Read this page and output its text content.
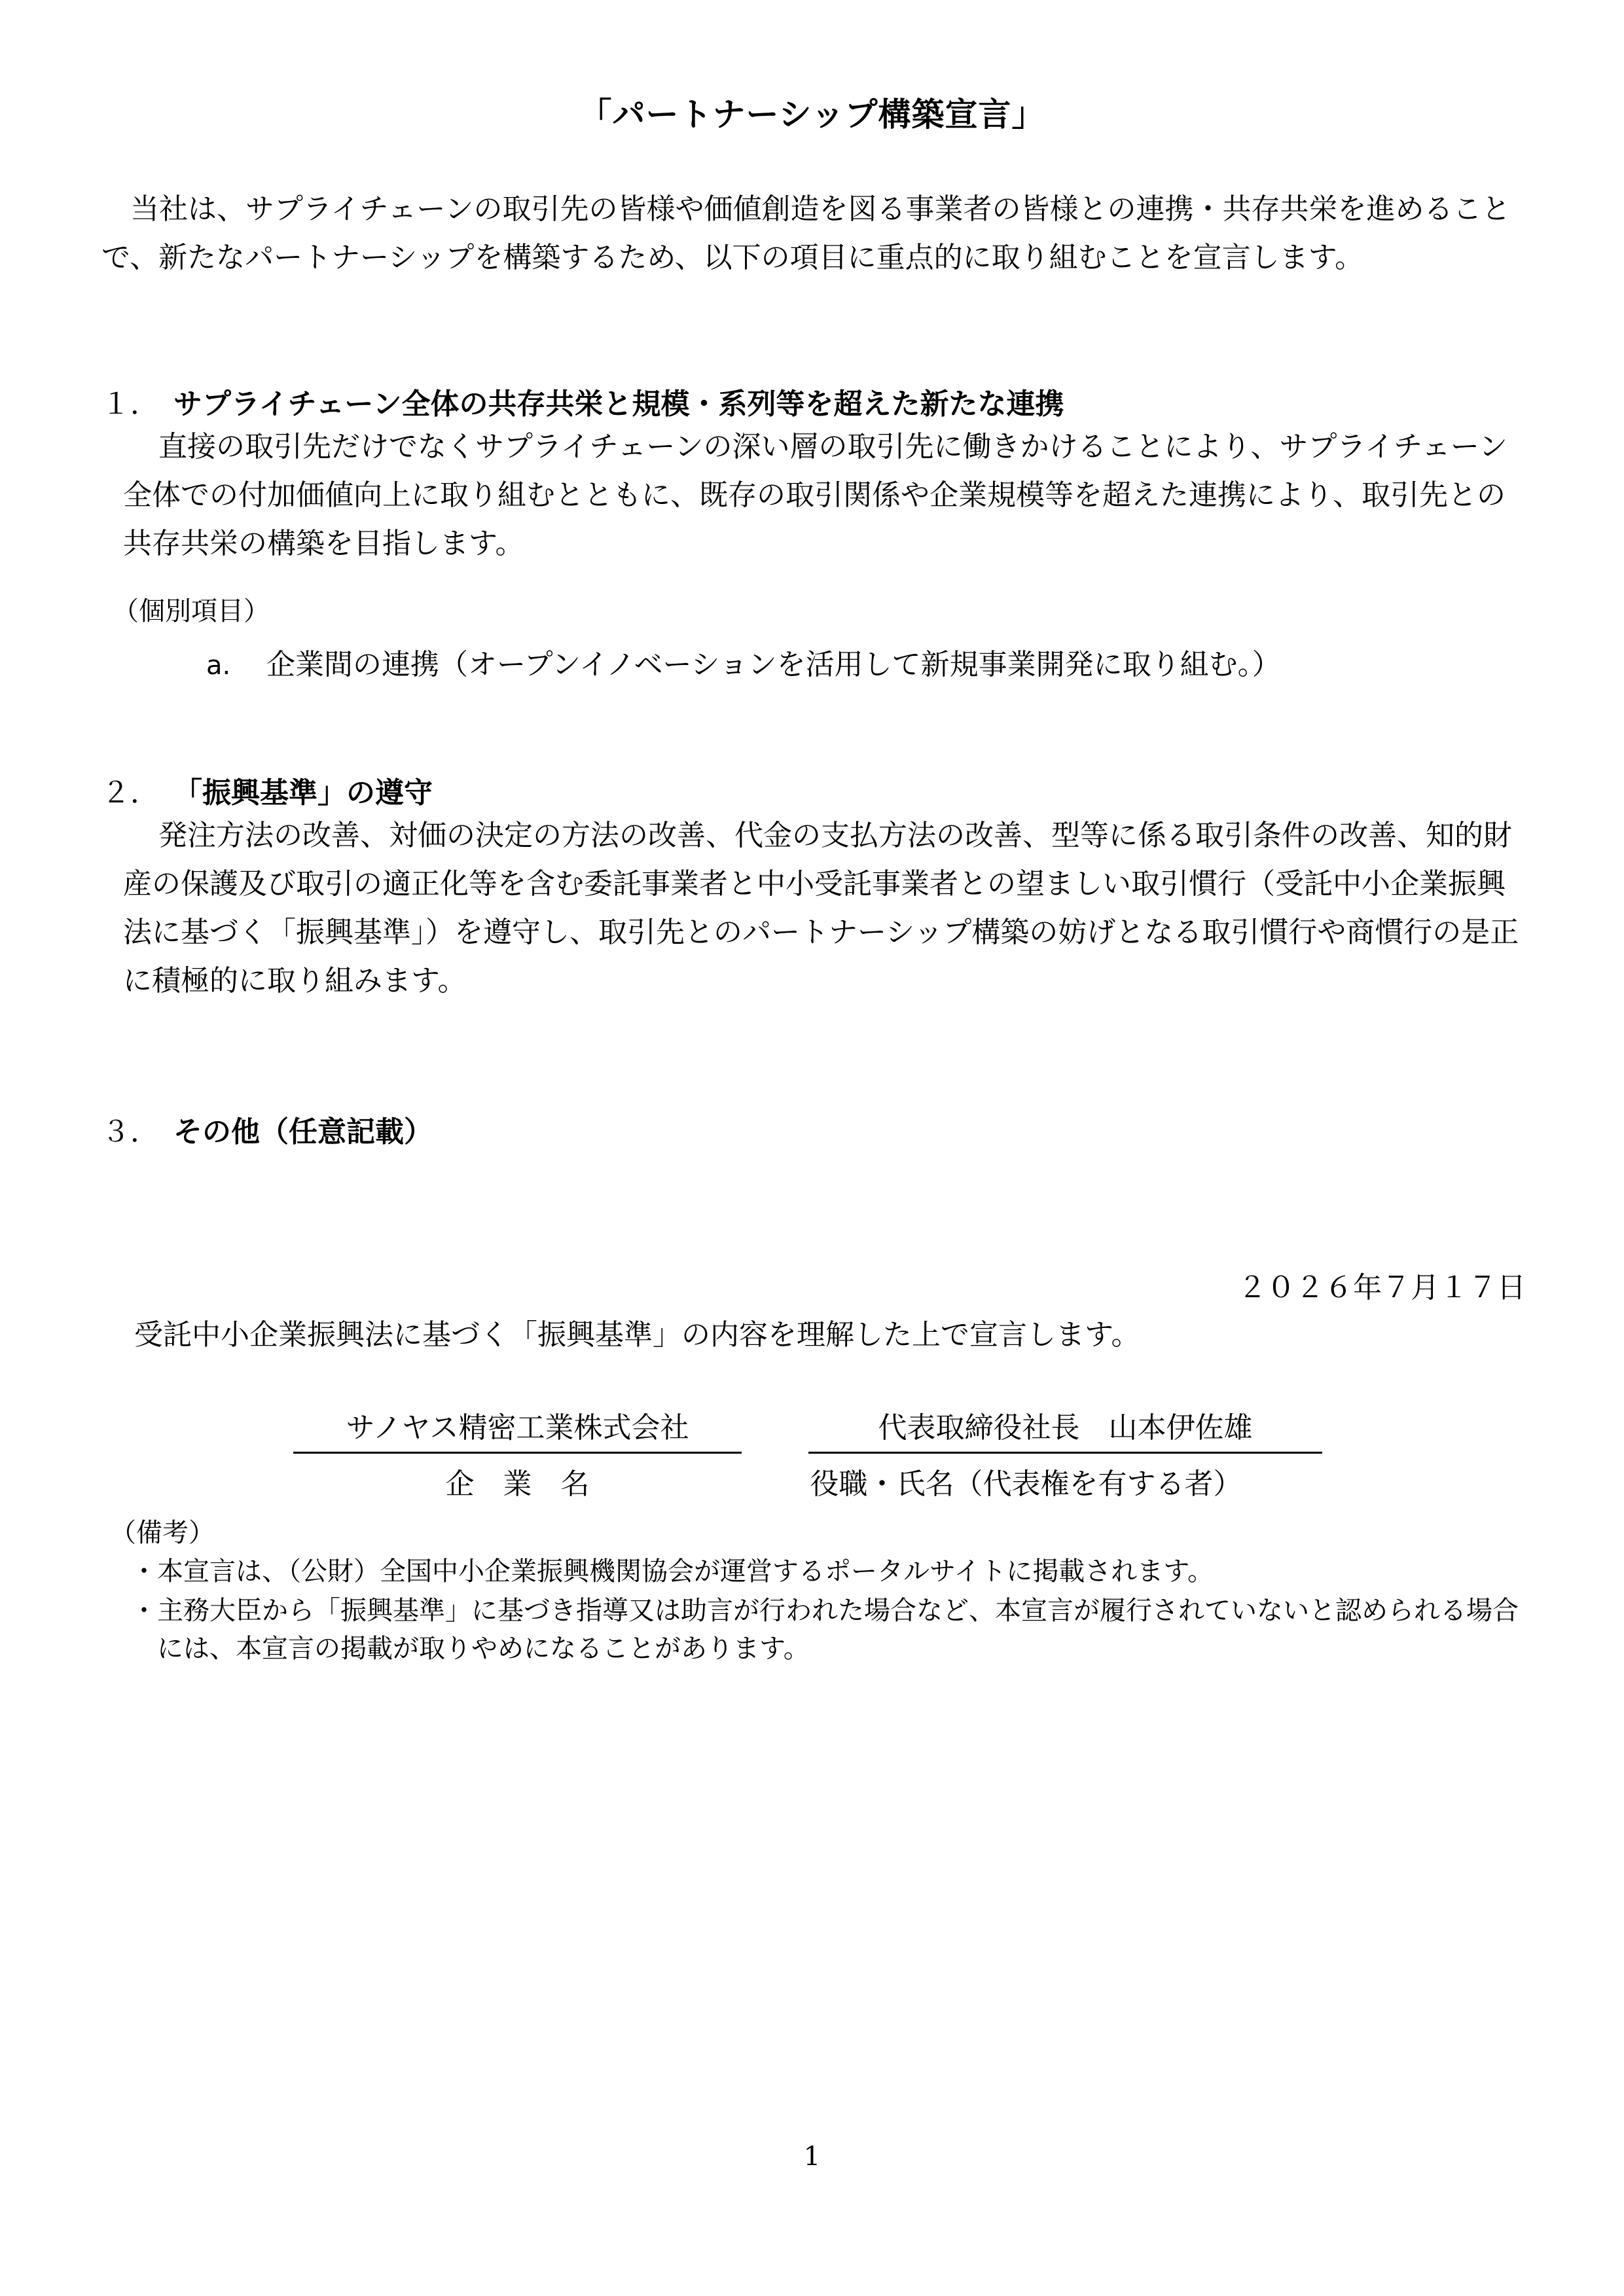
「パートナーシップ構築宣言」

当社は、サプライチェーンの取引先の皆様や価値創造を図る事業者の皆様との連携・共存共栄を進めることで、新たなパートナーシップを構築するため、以下の項目に重点的に取り組むことを宣言します。

１． サプライチェーン全体の共存共栄と規模・系列等を超えた新たな連携

直接の取引先だけでなくサプライチェーンの深い層の取引先に働きかけることにより、サプライチェーン全体での付加価値向上に取り組むとともに、既存の取引関係や企業規模等を超えた連携により、取引先との共存共栄の構築を目指します。

（個別項目）
a. 企業間の連携（オープンイノベーションを活用して新規事業開発に取り組む。）
２． 「振興基準」の遵守

発注方法の改善、対価の決定の方法の改善、代金の支払方法の改善、型等に係る取引条件の改善、知的財産の保護及び取引の適正化等を含む委託事業者と中小受託事業者との望ましい取引慣行（受託中小企業振興法に基づく「振興基準」）を遵守し、取引先とのパートナーシップ構築の妨げとなる取引慣行や商慣行の是正に積極的に取り組みます。

３． その他（任意記載）
２０２６年７月１７日
受託中小企業振興法に基づく「振興基準」の内容を理解した上で宣言します。
サノヤス精密工業株式会社	代表取締役社長　山本伊佐雄
企　業　名	役職・氏名（代表権を有する者）
（備考）

・ 本宣言は、（公財）全国中小企業振興機関協会が運営するポータルサイトに掲載されます。

・ 主務大臣から「振興基準」に基づき指導又は助言が行われた場合など、本宣言が履行されていないと認められる場合には、本宣言の掲載が取りやめになることがあります。

1
